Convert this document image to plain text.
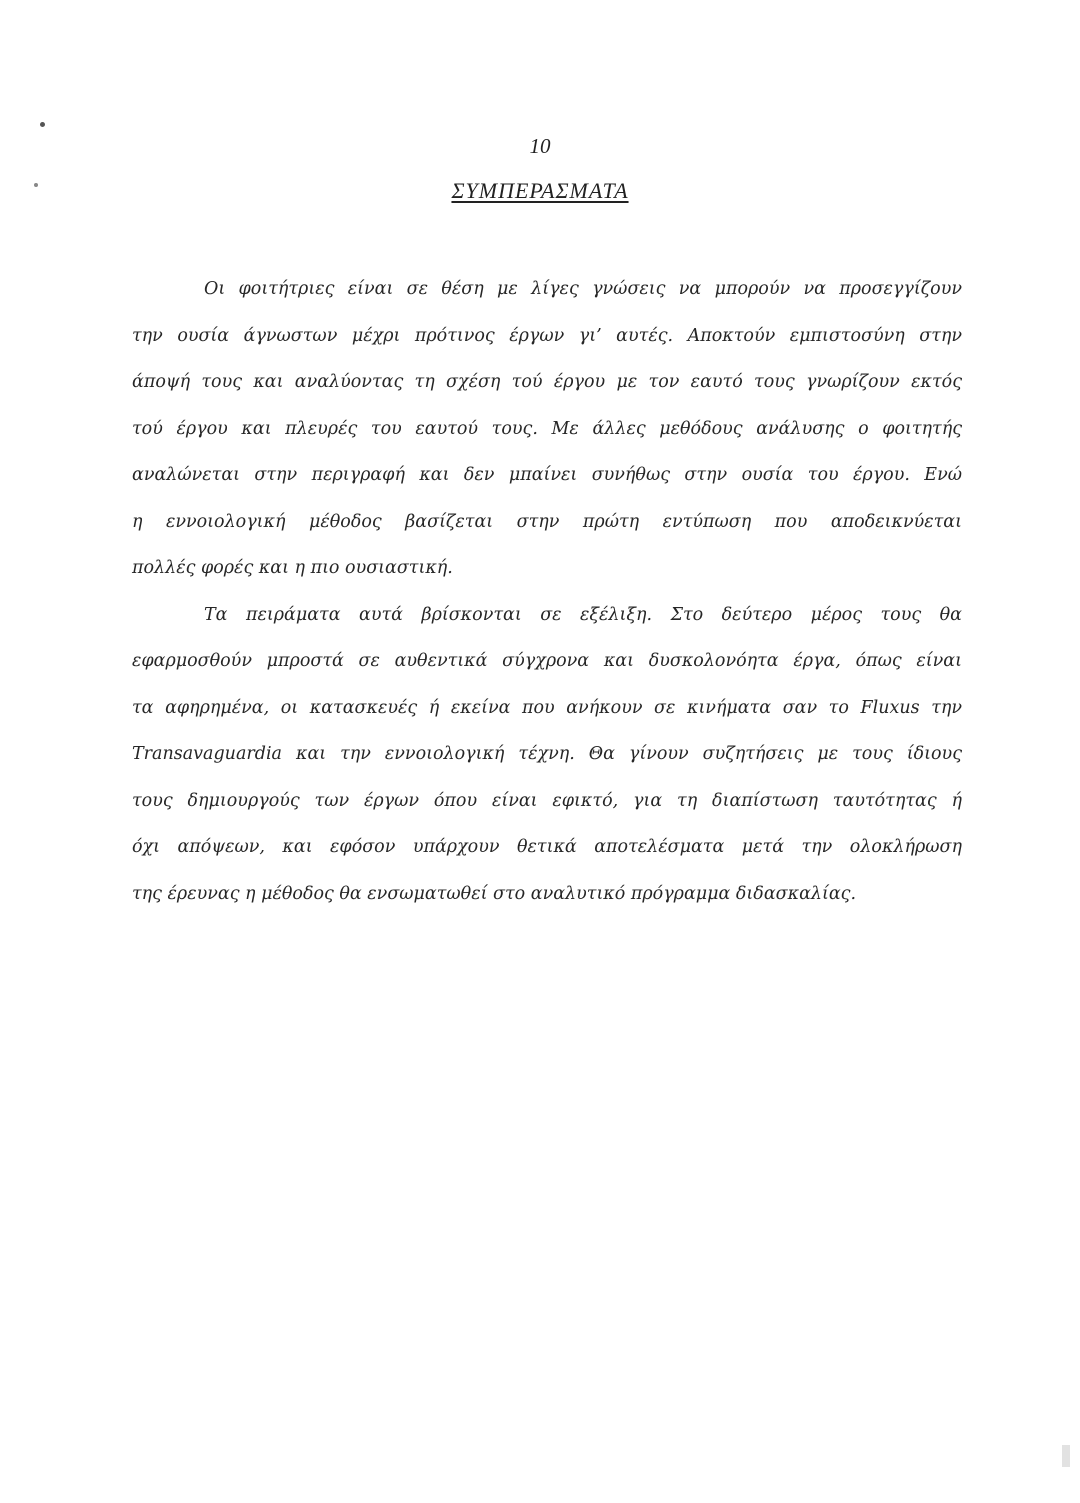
10
ΣΥΜΠΕΡΑΣΜΑΤΑ
Οι φοιτήτριες είναι σε θέση με λίγες γνώσεις να μπορούν να προσεγγίζουν
την ουσία άγνωστων μέχρι πρότινος έργων γι’ αυτές. Αποκτούν εμπιστοσύνη στην
άποψή τους και αναλύοντας τη σχέση τού έργου με τον εαυτό τους γνωρίζουν εκτός
τού έργου και πλευρές του εαυτού τους. Με άλλες μεθόδους ανάλυσης ο φοιτητής
αναλώνεται στην περιγραφή και δεν μπαίνει συνήθως στην ουσία του έργου. Ενώ
η εννοιολογική μέθοδος βασίζεται στην πρώτη εντύπωση που αποδεικνύεται
πολλές φορές και η πιο ουσιαστική.
Τα πειράματα αυτά βρίσκονται σε εξέλιξη. Στο δεύτερο μέρος τους θα
εφαρμοσθούν μπροστά σε αυθεντικά σύγχρονα και δυσκολονόητα έργα, όπως είναι
τα αφηρημένα, οι κατασκευές ή εκείνα που ανήκουν σε κινήματα σαν το Fluxus την
Transavaguardia και την εννοιολογική τέχνη. Θα γίνουν συζητήσεις με τους ίδιους
τους δημιουργούς των έργων όπου είναι εφικτό, για τη διαπίστωση ταυτότητας ή
όχι απόψεων, και εφόσον υπάρχουν θετικά αποτελέσματα μετά την ολοκλήρωση
της έρευνας η μέθοδος θα ενσωματωθεί στο αναλυτικό πρόγραμμα διδασκαλίας.
